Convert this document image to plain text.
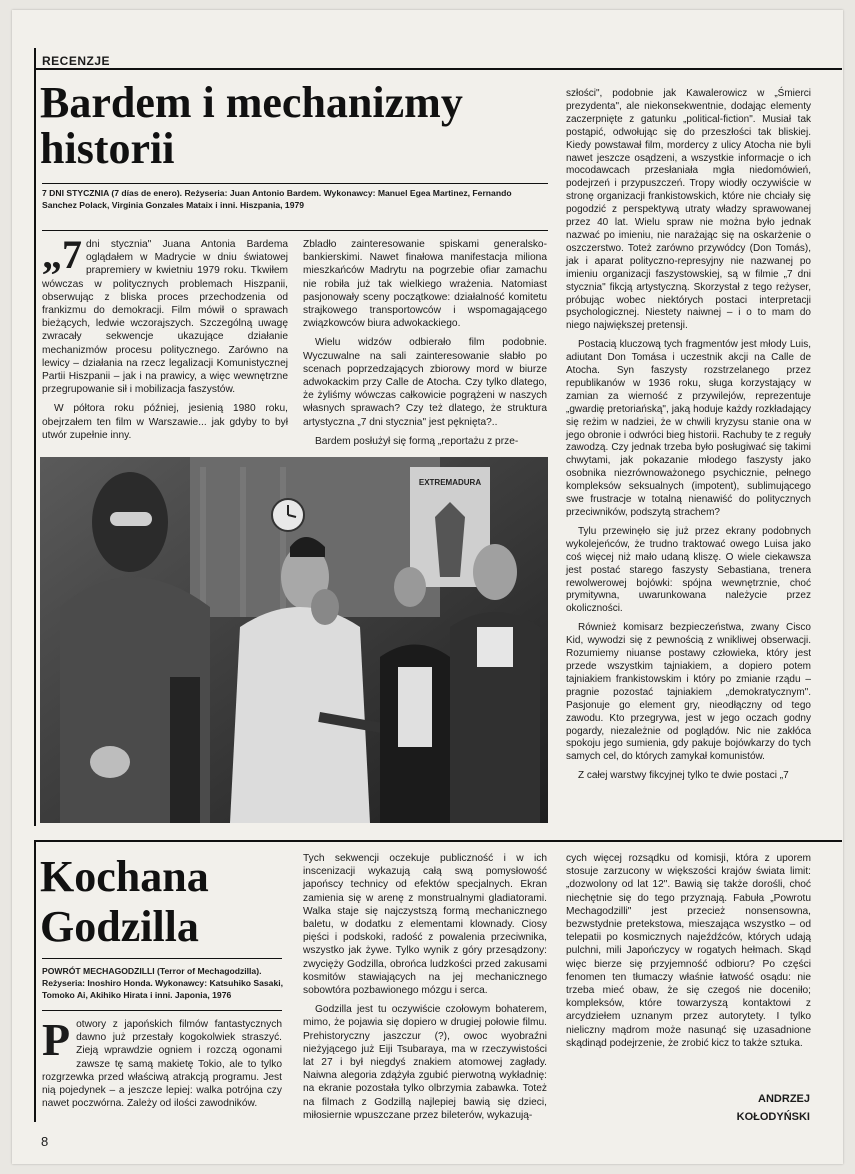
RECENZJE
Bardem i mechanizmy
historii

7 DNI STYCZNIA (7 días de enero). Reżyseria: Juan Antonio Bardem. Wykonawcy: Manuel Egea Martinez, Fernando Sanchez Polack, Virginia Gonzales Mataix i inni. Hiszpania, 1979

„7 dni stycznia" Juana Antonia Bardema oglądałem w Madrycie w dniu światowej prapremiery w kwietniu 1979 roku. Tkwiłem wówczas w politycznych problemach Hiszpanii, obserwując z bliska proces przechodzenia od frankizmu do demokracji. Film mówił o sprawach bieżących, ledwie wczorajszych. Szczególną uwagę zwracały sekwencje ukazujące działanie mechanizmów procesu politycznego. Zarówno na lewicy – działania na rzecz legalizacji Komunistycznej Partii Hiszpanii – jak i na prawicy, a więc wewnętrzne przegrupowanie sił i mobilizacja faszystów.

W półtora roku później, jesienią 1980 roku, obejrzałem ten film w Warszawie... jak gdyby to był utwór zupełnie inny.

Zbladło zainteresowanie spiskami generalsko-bankierskimi. Nawet finałowa manifestacja miliona mieszkańców Madrytu na pogrzebie ofiar zamachu nie robiła już tak wielkiego wrażenia. Natomiast pasjonowały sceny początkowe: działalność komitetu strajkowego transportowców i wspomagającego związkowców biura adwokackiego.

Wielu widzów odbierało film podobnie. Wyczuwalne na sali zainteresowanie słabło po scenach poprzedzających zbiorowy mord w biurze adwokackim przy Calle de Atocha. Czy tylko dlatego, że żyliśmy wówczas całkowicie pogrążeni w naszych własnych sprawach? Czy też dlatego, że struktura artystyczna „7 dni stycznia" jest pęknięta?..

Bardem posłużył się formą „reportażu z prze-

szłości", podobnie jak Kawalerowicz w „Śmierci prezydenta", ale niekonsekwentnie, dodając elementy zaczerpnięte z gatunku „political-fiction". Musiał tak postąpić, odwołując się do przeszłości tak bliskiej. Kiedy powstawał film, mordercy z ulicy Atocha nie byli nawet jeszcze osądzeni, a wszystkie informacje o ich mocodawcach przesłaniała mgła niedomówień, podejrzeń i przypuszczeń. Tropy wiodły oczywiście w stronę organizacji frankistowskich, które nie chciały się pogodzić z perspektywą utraty władzy sprawowanej przez 40 lat. Wielu spraw nie można było jednak nazwać po imieniu, nie narażając się na oskarżenie o oszczerstwo. Toteż zarówno przywódcy (Don Tomás), jak i aparat polityczno-represyjny nie nazwanej po imieniu organizacji faszystowskiej, są w filmie „7 dni stycznia" fikcją artystyczną. Skorzystał z tego reżyser, próbując wobec niektórych postaci interpretacji psychologicznej. Niestety naiwnej – i o to mam do niego największej pretensji.

Postacią kluczową tych fragmentów jest młody Luis, adiutant Don Tomása i uczestnik akcji na Calle de Atocha. Syn faszysty rozstrzelanego przez republikanów w 1936 roku, sługa korzystający w zamian za wierność z przywilejów, reprezentuje „gwardię pretoriańską", jaką hoduje każdy rozkładający się reżim w nadziei, że w chwili kryzysu stanie ona w jego obronie i odwróci bieg historii. Rachuby te z reguły zawodzą. Czy jednak trzeba było posługiwać się takimi chwytami, jak pokazanie młodego faszysty jako osobnika niezrównoważonego psychicznie, pełnego kompleksów seksualnych (impotent), sublimującego swe frustracje w totalną nienawiść do politycznych przeciwników, podszytą strachem?

Tylu przewinęło się już przez ekrany podobnych wykolejeńców, że trudno traktować owego Luisa jako coś więcej niż mało udaną kliszę. O wiele ciekawsza jest postać starego faszysty Sebastiana, trenera rewolwerowej bojówki: spójna wewnętrznie, choć prymitywna, uwarunkowana należycie przez okoliczności.

Również komisarz bezpieczeństwa, zwany Cisco Kid, wywodzi się z pewnością z wnikliwej obserwacji. Rozumiemy niuanse postawy człowieka, który jest przede wszystkim tajniakiem, a dopiero potem tajniakiem frankistowskim i który po zmianie rządu – pragnie pozostać tajniakiem „demokratycznym". Pasjonuje go element gry, nieodłączny od tego zawodu. Kto przegrywa, jest w jego oczach godny pogardy, niezależnie od poglądów. Nic nie zakłóca spokoju jego sumienia, gdy pakuje bojówkarzy do tych samych cel, do których zamykał komunistów.

Z całej warstwy fikcyjnej tylko te dwie postaci „7

EXTREMADURA
Kochana
Godzilla

POWRÓT MECHAGODZILLI (Terror of Mechagodzilla). Reżyseria: Inoshiro Honda. Wykonawcy: Katsuhiko Sasaki, Tomoko Ai, Akihiko Hirata i inni. Japonia, 1976

Potwory z japońskich filmów fantastycznych dawno już przestały kogokolwiek straszyć. Zieją wprawdzie ogniem i rozczą ogonami zawsze tę samą makietę Tokio, ale to tylko rozgrzewka przed właściwą atrakcją programu. Jest nią pojedynek – a jeszcze lepiej: walka potrójna czy nawet poczwórna. Zależy od ilości zawodników.

Tych sekwencji oczekuje publiczność i w ich inscenizacji wykazują całą swą pomysłowość japońscy technicy od efektów specjalnych. Ekran zamienia się w arenę z monstrualnymi gladiatorami. Walka staje się najczystszą formą mechanicznego baletu, w dodatku z elementami klownady. Ciosy pięści i podskoki, radość z powalenia przeciwnika, wszystko jak żywe. Tylko wynik z góry przesądzony: zwycięży Godzilla, obrońca ludzkości przed zakusami kosmitów stawiających na jej mechanicznego sobowtóra pozbawionego mózgu i serca.

Godzilla jest tu oczywiście czołowym bohaterem, mimo, że pojawia się dopiero w drugiej połowie filmu. Prehistoryczny jaszczur (?), owoc wyobraźni nieżyjącego już Eiji Tsubaraya, ma w rzeczywistości lat 27 i był niegdyś znakiem atomowej zagłady. Naiwna alegoria zdążyła zgubić pierwotną wykładnię: na ekranie pozostała tylko olbrzymia zabawka. Toteż na filmach z Godzillą najlepiej bawią się dzieci, miłosiernie wpuszczane przez bileterów, wykazują-

cych więcej rozsądku od komisji, która z uporem stosuje zarzucony w większości krajów świata limit: „dozwolony od lat 12". Bawią się także dorośli, choć niechętnie się do tego przyznają. Fabuła „Powrotu Mechagodzilli" jest przecież nonsensowna, bezwstydnie pretekstowa, mieszająca wszystko – od telepatii po kosmicznych najeźdźców, których udają pulchni, mili Japończycy w rogatych hełmach. Skąd więc bierze się przyjemność odbioru? Po części fenomen ten tłumaczy właśnie łatwość osądu: nie trzeba mieć obaw, że się czegoś nie doceniło; kompleksów, które towarzyszą kontaktowi z arcydziełem uznanym przez autorytety. I tylko nieliczny mądrom może nasunąć się uzasadnione skądinąd podejrzenie, że zrobić kicz to także sztuka.

ANDRZEJ
KOŁODYŃSKI
8
